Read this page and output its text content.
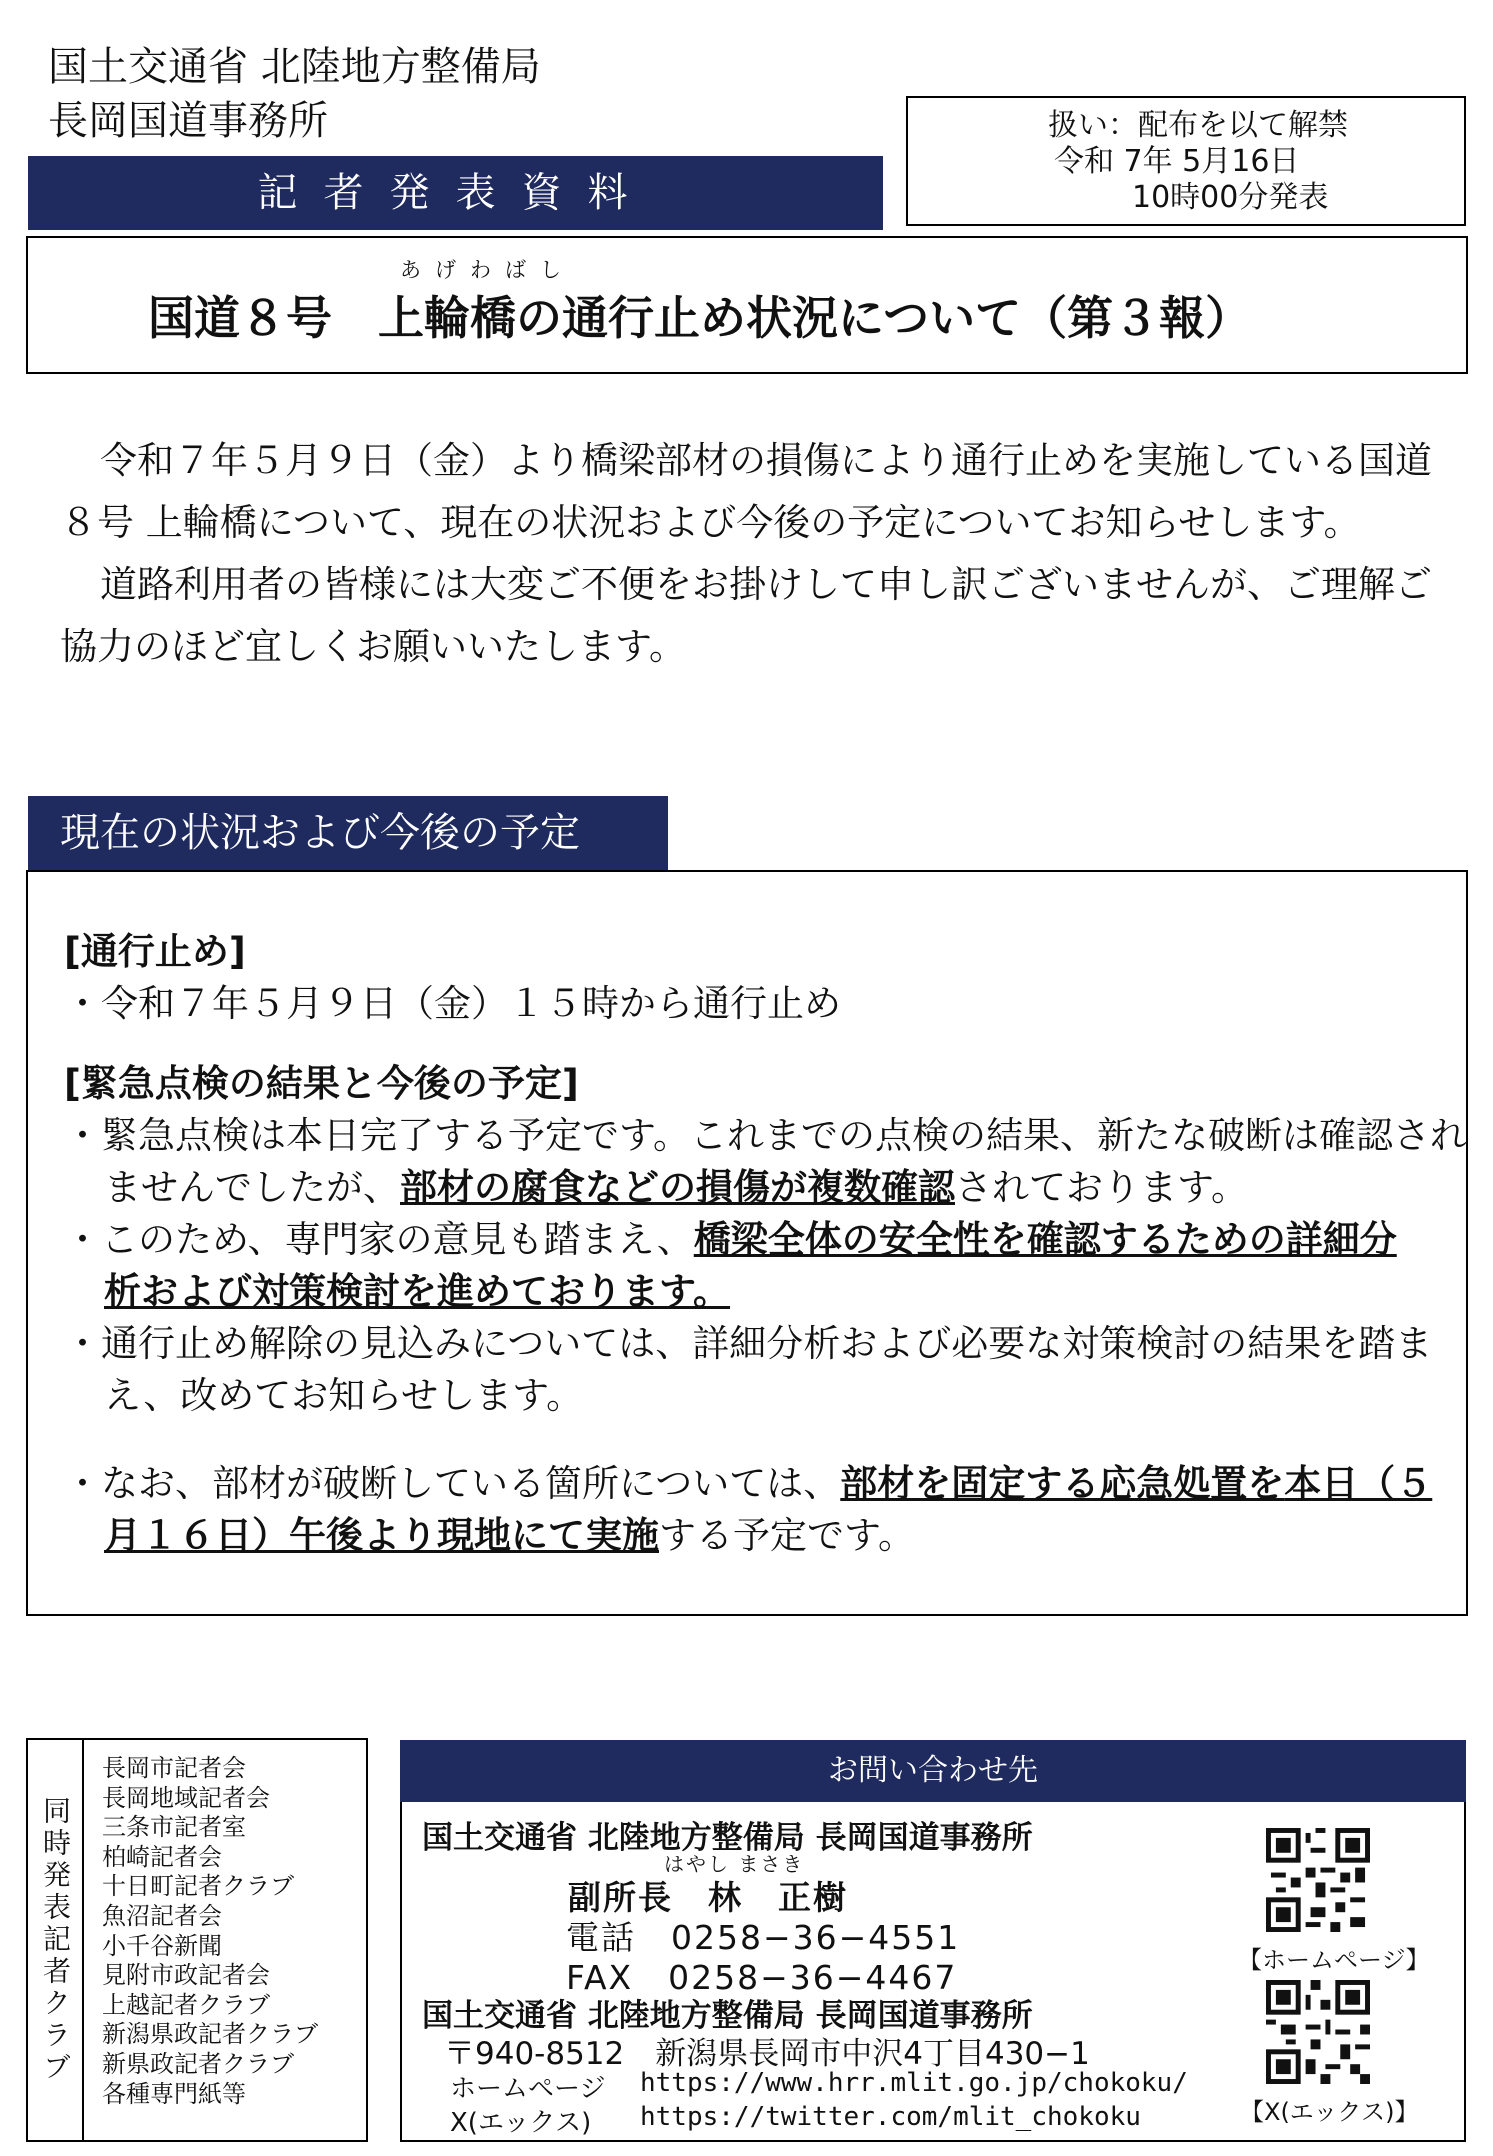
国土交通省 北陸地方整備局
長岡国道事務所
記者発表資料
扱い：配布を以て解禁
令和 7年 5月16日
10時00分発表
あげわばし
国道８号　上輪橋の通行止め状況について（第３報）

令和７年５月９日（金）より橋梁部材の損傷により通行止めを実施している国道８号 上輪橋について、現在の状況および今後の予定についてお知らせします。

道路利用者の皆様には大変ご不便をお掛けして申し訳ございませんが、ご理解ご協力のほど宜しくお願いいたします。

現在の状況および今後の予定

[通行止め]

・令和７年５月９日（金）１５時から通行止め

[緊急点検の結果と今後の予定]

・緊急点検は本日完了する予定です。これまでの点検の結果、新たな破断は確認されませんでしたが、部材の腐食などの損傷が複数確認されております。

・このため、専門家の意見も踏まえ、橋梁全体の安全性を確認するための詳細分析および対策検討を進めております。

・通行止め解除の見込みについては、詳細分析および必要な対策検討の結果を踏まえ、改めてお知らせします。

・なお、部材が破断している箇所については、部材を固定する応急処置を本日（５月１６日）午後より現地にて実施する予定です。

同時発表記者クラブ
長岡市記者会
長岡地域記者会
三条市記者室
柏崎記者会
十日町記者クラブ
魚沼記者会
小千谷新聞
見附市政記者会
上越記者クラブ
新潟県政記者クラブ
新県政記者クラブ
各種専門紙等
お問い合わせ先
国土交通省 北陸地方整備局 長岡国道事務所
はやし まさき
副所長　林　正樹
電話　0258−36−4551
FAX　0258−36−4467
国土交通省 北陸地方整備局 長岡国道事務所
〒940-8512　新潟県長岡市中沢4丁目430−1
ホームページ https://www.hrr.mlit.go.jp/chokoku/
X(エックス) https://twitter.com/mlit_chokoku
【ホームページ】
【X(エックス)】
